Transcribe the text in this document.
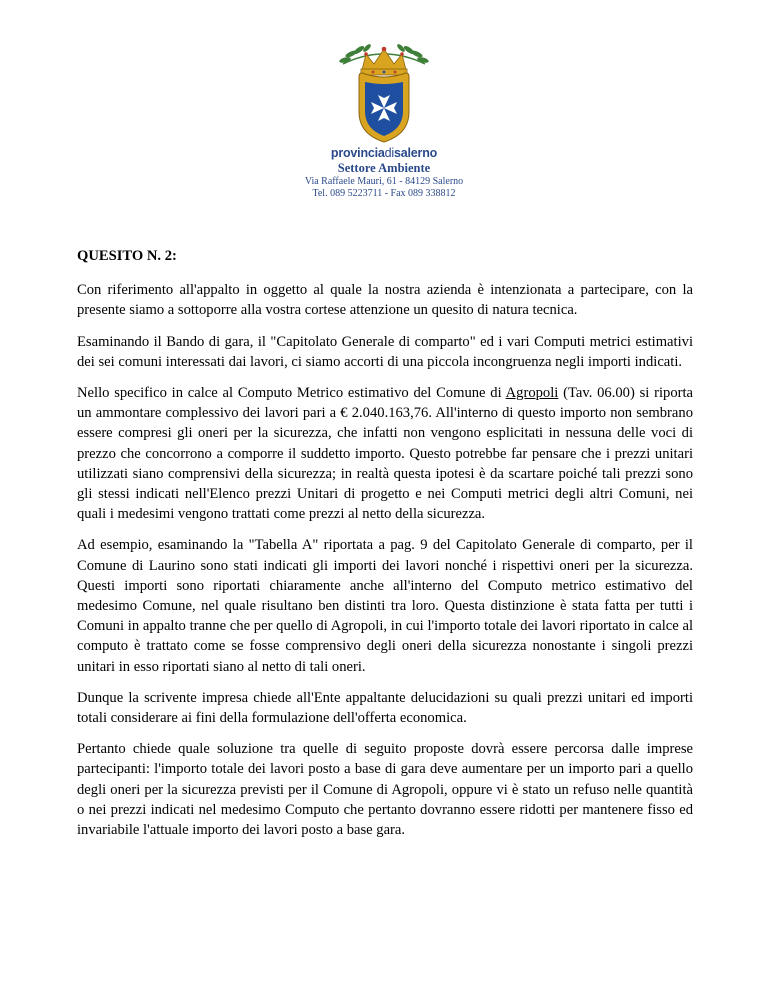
provinciadisalerno
Settore Ambiente
Via Raffaele Mauri, 61 - 84129 Salerno
Tel. 089 5223711 - Fax 089 338812

QUESITO N. 2:

Con riferimento all'appalto in oggetto al quale la nostra azienda è intenzionata a partecipare, con la presente siamo a sottoporre alla vostra cortese attenzione un quesito di natura tecnica.

Esaminando il Bando di gara, il "Capitolato Generale di comparto" ed i vari Computi metrici estimativi dei sei comuni interessati dai lavori, ci siamo accorti di una piccola incongruenza negli importi indicati.

Nello specifico in calce al Computo Metrico estimativo del Comune di Agropoli (Tav. 06.00) si riporta un ammontare complessivo dei lavori pari a € 2.040.163,76. All'interno di questo importo non sembrano essere compresi gli oneri per la sicurezza, che infatti non vengono esplicitati in nessuna delle voci di prezzo che concorrono a comporre il suddetto importo. Questo potrebbe far pensare che i prezzi unitari utilizzati siano comprensivi della sicurezza; in realtà questa ipotesi è da scartare poiché tali prezzi sono gli stessi indicati nell'Elenco prezzi Unitari di progetto e nei Computi metrici degli altri Comuni, nei quali i medesimi vengono trattati come prezzi al netto della sicurezza.

Ad esempio, esaminando la "Tabella A" riportata a pag. 9 del Capitolato Generale di comparto, per il Comune di Laurino sono stati indicati gli importi dei lavori nonché i rispettivi oneri per la sicurezza. Questi importi sono riportati chiaramente anche all'interno del Computo metrico estimativo del medesimo Comune, nel quale risultano ben distinti tra loro. Questa distinzione è stata fatta per tutti i Comuni in appalto tranne che per quello di Agropoli, in cui l'importo totale dei lavori riportato in calce al computo è trattato come se fosse comprensivo degli oneri della sicurezza nonostante i singoli prezzi unitari in esso riportati siano al netto di tali oneri.

Dunque la scrivente impresa chiede all'Ente appaltante delucidazioni su quali prezzi unitari ed importi totali considerare ai fini della formulazione dell'offerta economica.

Pertanto chiede quale soluzione tra quelle di seguito proposte dovrà essere percorsa dalle imprese partecipanti: l'importo totale dei lavori posto a base di gara deve aumentare per un importo pari a quello degli oneri per la sicurezza previsti per il Comune di Agropoli, oppure vi è stato un refuso nelle quantità o nei prezzi indicati nel medesimo Computo che pertanto dovranno essere ridotti per mantenere fisso ed invariabile l'attuale importo dei lavori posto a base gara.
